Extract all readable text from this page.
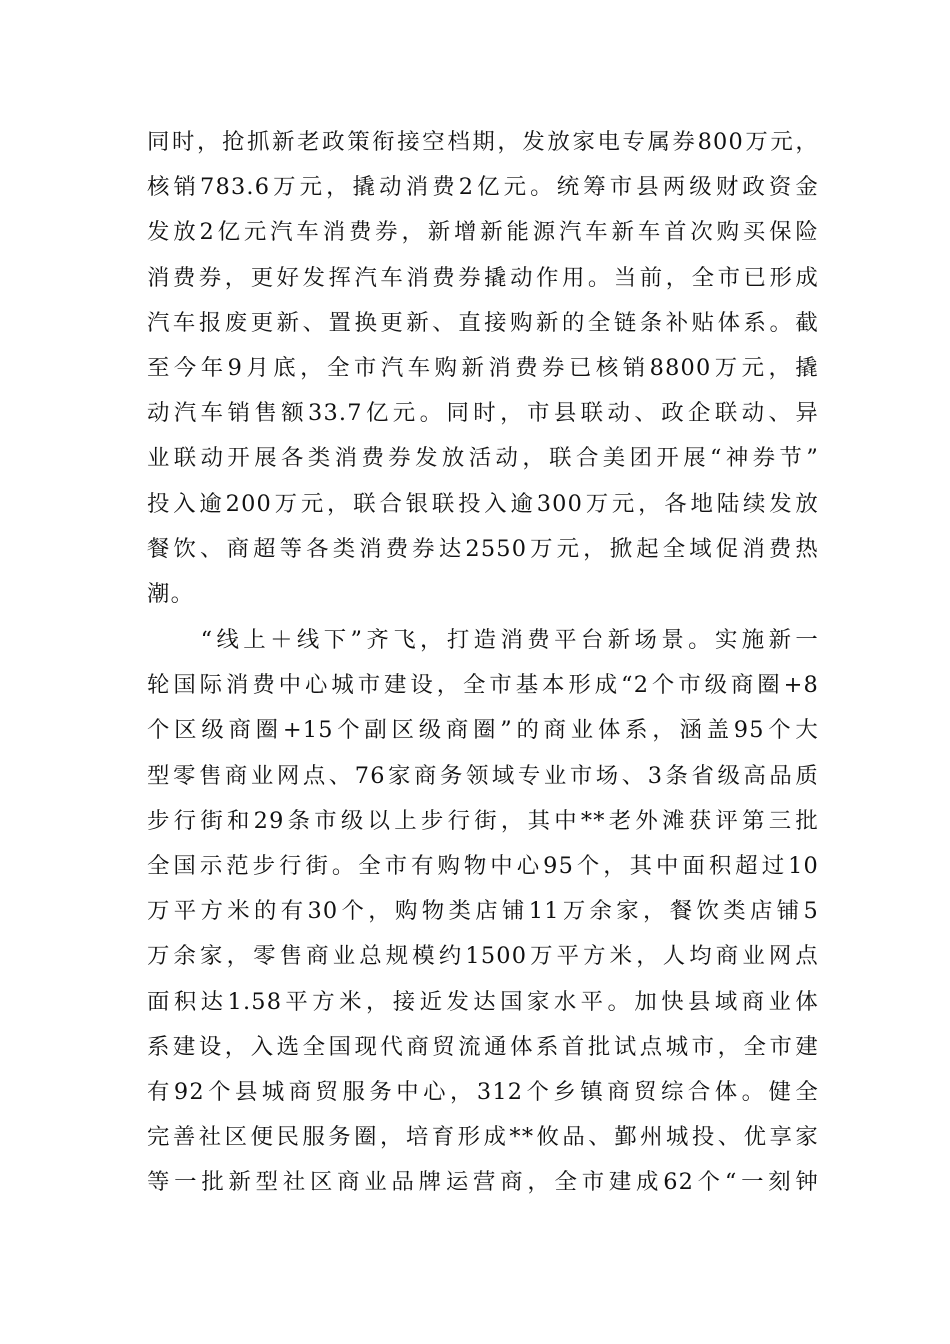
同时，抢抓新老政策衔接空档期，发放家电专属券800万元，
核销783.6万元，撬动消费2亿元。统筹市县两级财政资金
发放2亿元汽车消费券，新增新能源汽车新车首次购买保险
消费券，更好发挥汽车消费券撬动作用。当前，全市已形成
汽车报废更新、置换更新、直接购新的全链条补贴体系。截
至今年9月底，全市汽车购新消费券已核销8800万元，撬
动汽车销售额33.7亿元。同时，市县联动、政企联动、异
业联动开展各类消费券发放活动，联合美团开展“神券节”
投入逾200万元，联合银联投入逾300万元，各地陆续发放
餐饮、商超等各类消费券达2550万元，掀起全域促消费热
潮。
　　“线上＋线下”齐飞，打造消费平台新场景。实施新一
轮国际消费中心城市建设，全市基本形成“2个市级商圈+8
个区级商圈+15个副区级商圈”的商业体系，涵盖95个大
型零售商业网点、76家商务领域专业市场、3条省级高品质
步行街和29条市级以上步行街，其中**老外滩获评第三批
全国示范步行街。全市有购物中心95个，其中面积超过10
万平方米的有30个，购物类店铺11万余家，餐饮类店铺5
万余家，零售商业总规模约1500万平方米，人均商业网点
面积达1.58平方米，接近发达国家水平。加快县域商业体
系建设，入选全国现代商贸流通体系首批试点城市，全市建
有92个县城商贸服务中心，312个乡镇商贸综合体。健全
完善社区便民服务圈，培育形成**攸品、鄞州城投、优享家
等一批新型社区商业品牌运营商，全市建成62个“一刻钟
